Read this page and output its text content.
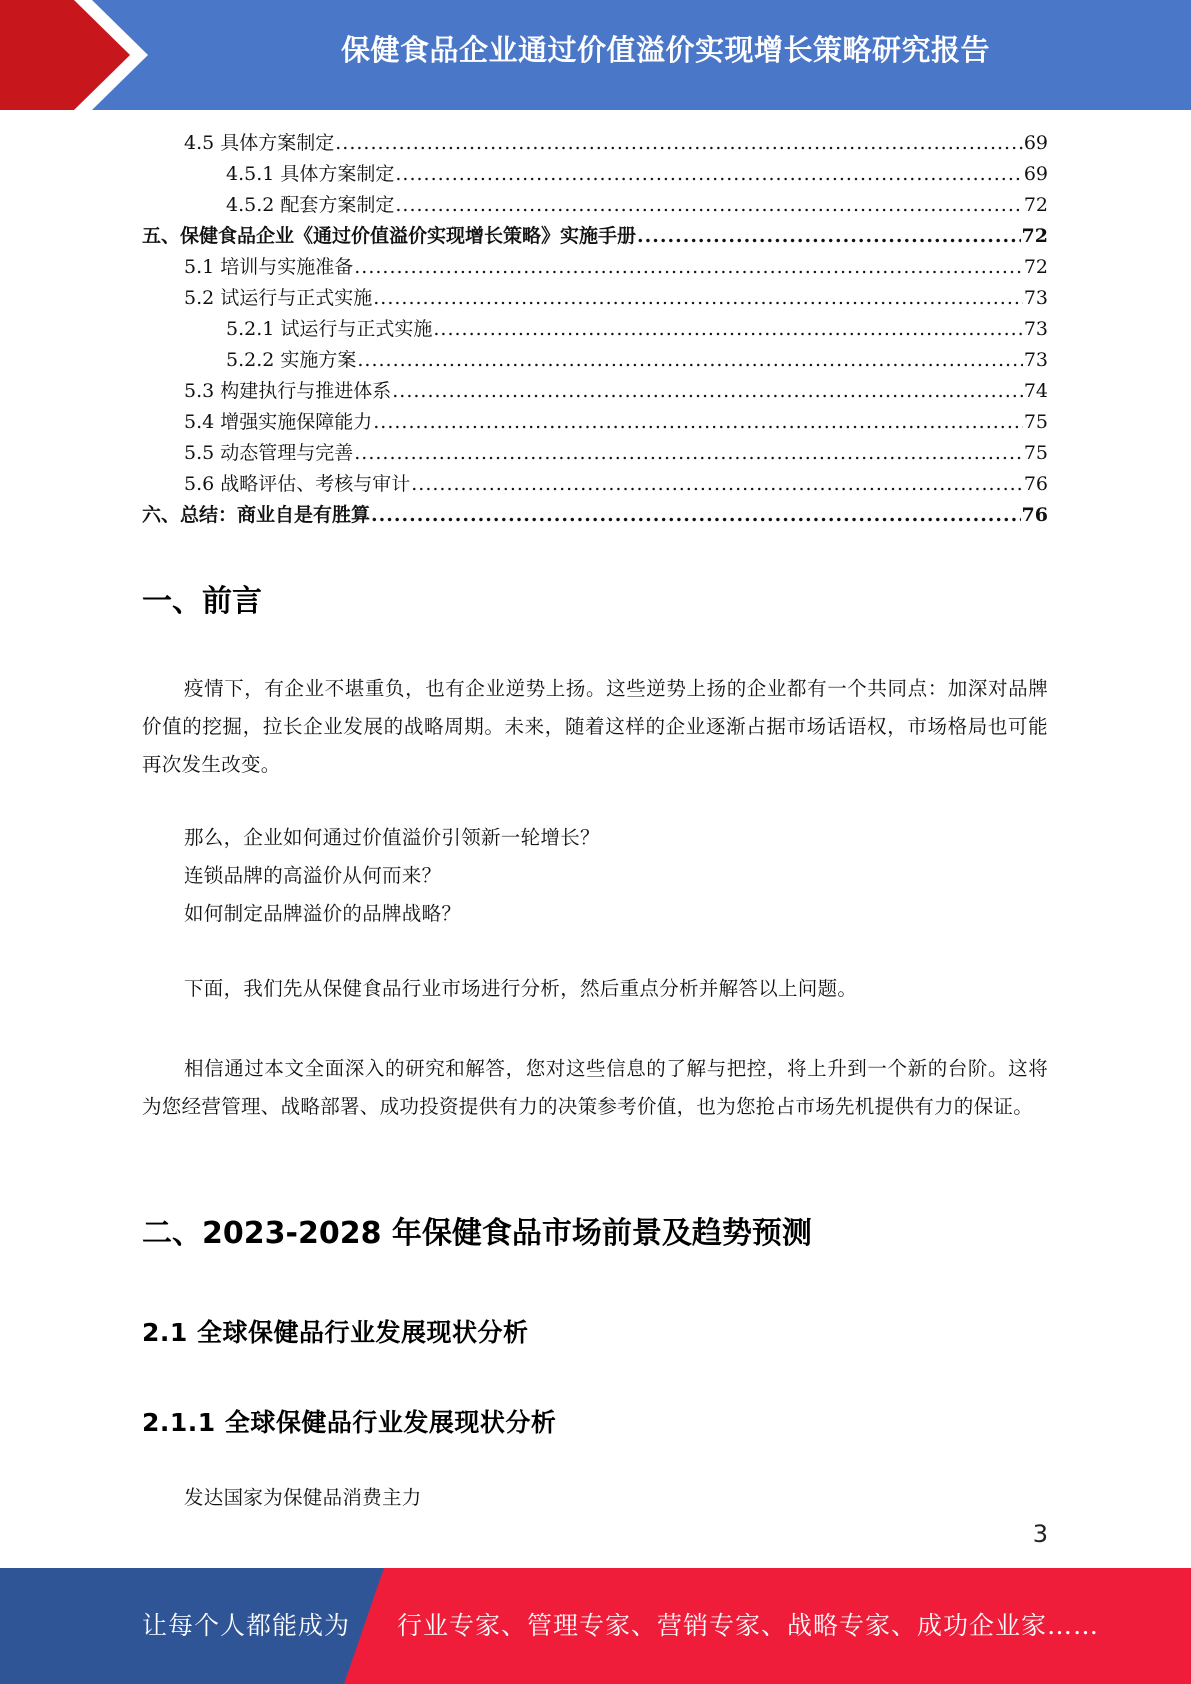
保健食品企业通过价值溢价实现增长策略研究报告
4.5 具体方案制定 .....	69
4.5.1 具体方案制定 .....	69
4.5.2 配套方案制定 .....	72
五、保健食品企业《通过价值溢价实现增长策略》实施手册 .....	72
5.1 培训与实施准备 .....	72
5.2 试运行与正式实施 .....	73
5.2.1 试运行与正式实施 .....	73
5.2.2 实施方案 .....	73
5.3 构建执行与推进体系 .....	74
5.4 增强实施保障能力 .....	75
5.5 动态管理与完善 .....	75
5.6 战略评估、考核与审计 .....	76
六、总结：商业自是有胜算 .....	76
一、前言

疫情下，有企业不堪重负，也有企业逆势上扬。这些逆势上扬的企业都有一个共同点：加深对品牌价值的挖掘，拉长企业发展的战略周期。未来，随着这样的企业逐渐占据市场话语权，市场格局也可能再次发生改变。

那么，企业如何通过价值溢价引领新一轮增长？

连锁品牌的高溢价从何而来？

如何制定品牌溢价的品牌战略？

下面，我们先从保健食品行业市场进行分析，然后重点分析并解答以上问题。

相信通过本文全面深入的研究和解答，您对这些信息的了解与把控，将上升到一个新的台阶。这将为您经营管理、战略部署、成功投资提供有力的决策参考价值，也为您抢占市场先机提供有力的保证。

二、2023-2028 年保健食品市场前景及趋势预测
2.1 全球保健品行业发展现状分析
2.1.1 全球保健品行业发展现状分析

发达国家为保健品消费主力

3
让每个人都能成为 行业专家、管理专家、营销专家、战略专家、成功企业家……
